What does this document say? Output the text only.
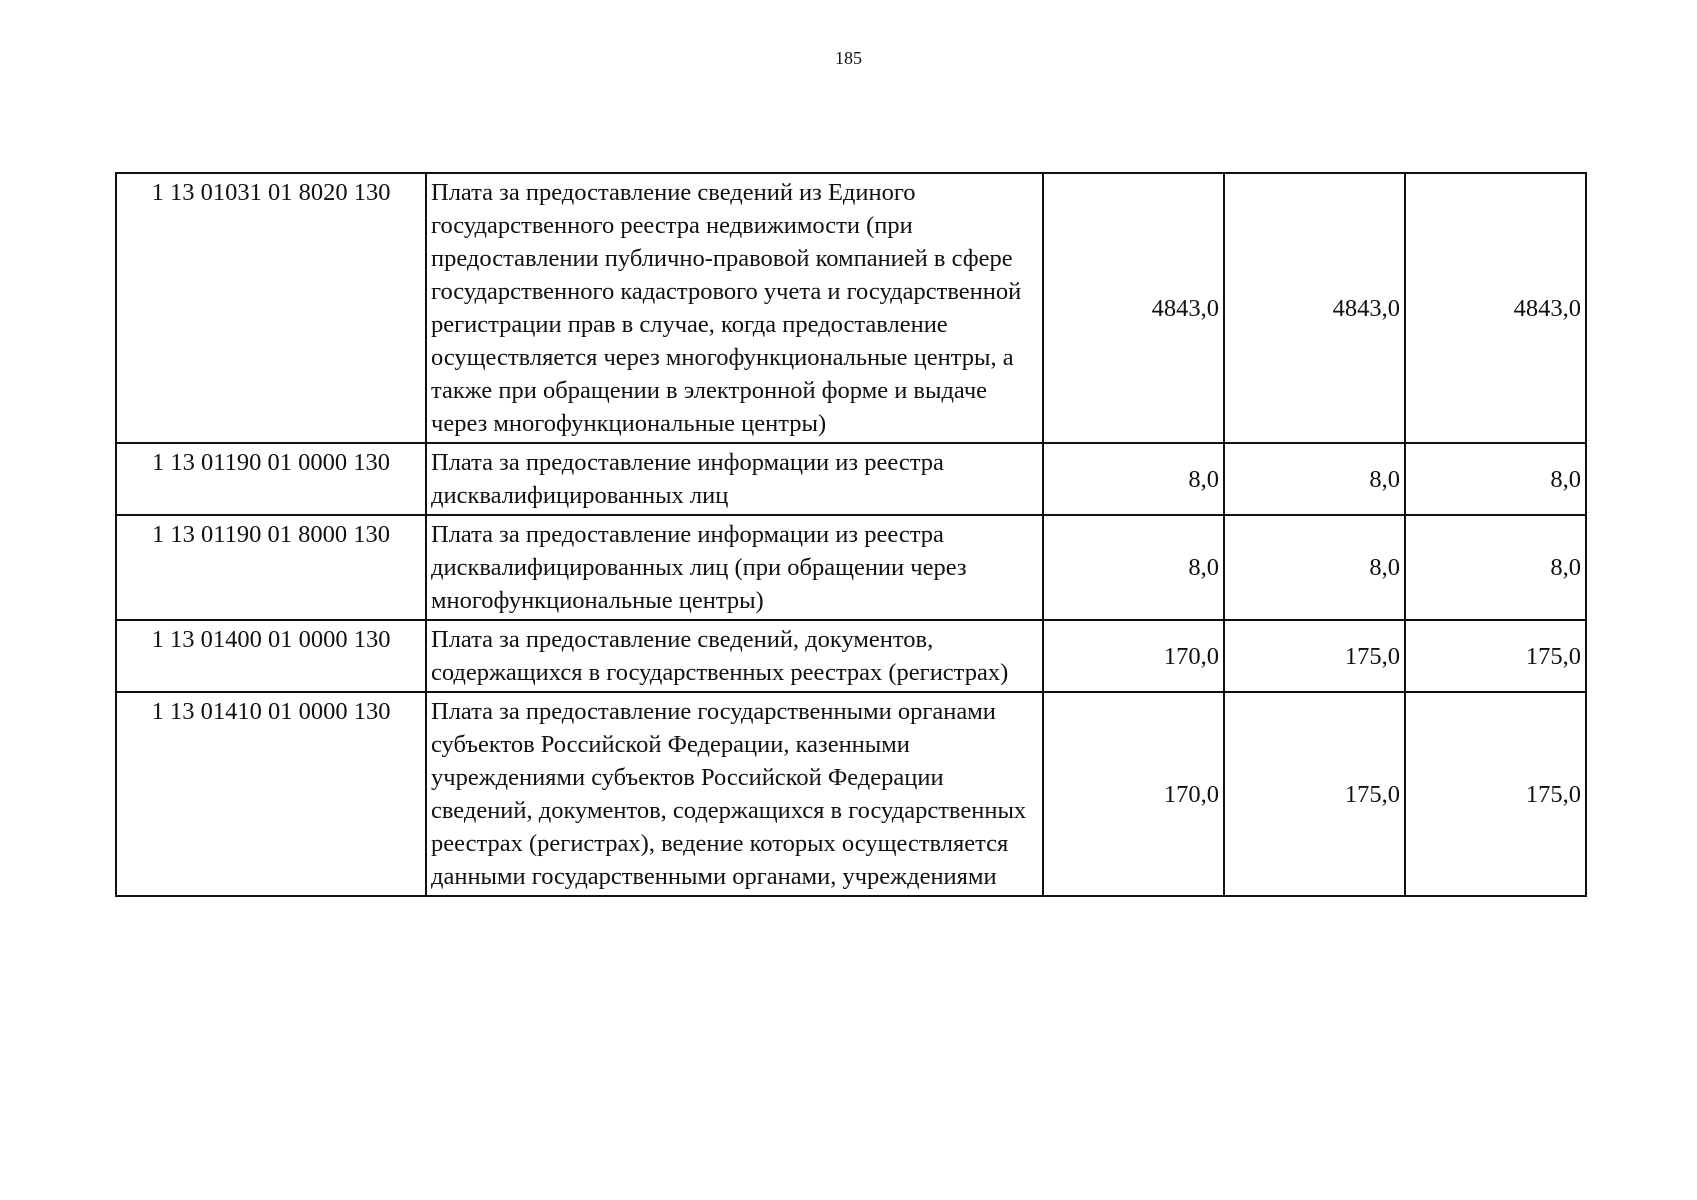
185
1 13 01031 01 8020 130	Плата за предоставление сведений из Единого государственного реестра недвижимости (при предоставлении публично-правовой компанией в сфере государственного кадастрового учета и государственной регистрации прав в случае, когда предоставление осуществляется через многофункциональные центры, а также при обращении в электронной форме и выдаче через многофункциональные центры)	4843,0	4843,0	4843,0
1 13 01190 01 0000 130	Плата за предоставление информации из реестра дисквалифицированных лиц	8,0	8,0	8,0
1 13 01190 01 8000 130	Плата за предоставление информации из реестра дисквалифицированных лиц (при обращении через многофункциональные центры)	8,0	8,0	8,0
1 13 01400 01 0000 130	Плата за предоставление сведений, документов, содержащихся в государственных реестрах (регистрах)	170,0	175,0	175,0
1 13 01410 01 0000 130	Плата за предоставление государственными органами субъектов Российской Федерации, казенными учреждениями субъектов Российской Федерации сведений, документов, содержащихся в государственных реестрах (регистрах), ведение которых осуществляется данными государственными органами, учреждениями	170,0	175,0	175,0
